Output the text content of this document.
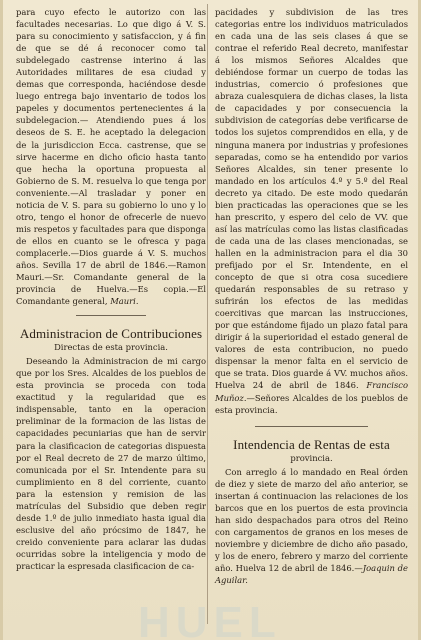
para cuyo efecto le autorizo con las facultades necesarias. Lo que digo á V. S. para su conocimiento y satisfaccion, y á fin de que se dé á reconocer como tal subdelegado castrense interino á las Autoridades militares de esa ciudad y demas que corresponda, haciéndose desde luego entrega bajo inventario de todos los papeles y documentos pertenecientes á la subdelegacion.— Atendiendo pues á los deseos de S. E. he aceptado la delegacion de la jurisdiccion Ecca. castrense, que se sirve hacerme en dicho oficio hasta tanto que hecha la oportuna propuesta al Gobierno de S. M. resuelva lo que tenga por conveniente.—Al trasladar y poner en noticia de V. S. para su gobierno lo uno y lo otro, tengo el honor de ofrecerle de nuevo mis respetos y facultades para que disponga de ellos en cuanto se le ofresca y paga complacerle.—Dios guarde á V. S. muchos años. Sevilla 17 de abril de 1846.—Ramon Mauri.—Sr. Comandante general de la provincia de Huelva.—Es copia.—El Comandante general, Mauri.

Administracion de Contribuciones
Directas de esta provincia.

Deseando la Administracion de mi cargo que por los Sres. Alcaldes de los pueblos de esta provincia se proceda con toda exactitud y la regularidad que es indispensable, tanto en la operacion preliminar de la formacion de las listas de capacidades pecuniarias que han de servir para la clasificacion de categorias dispuesta por el Real decreto de 27 de marzo último, comunicada por el Sr. Intendente para su cumplimiento en 8 del corriente, cuanto para la estension y remision de las matrículas del Subsidio que deben regir desde 1.º de julio inmediato hasta igual dia esclusive del año prócsimo de 1847, he creido conveniente para aclarar las dudas ocurridas sobre la inteligencia y modo de practicar la espresada clasificacion de ca-

pacidades y subdivision de las tres categorias entre los individuos matriculados en cada una de las seis clases á que se contrae el referido Real decreto, manifestar á los mismos Señores Alcaldes que debiéndose formar un cuerpo de todas las industrias, comercio ó profesiones que abraza cualesquiera de dichas clases, la lista de capacidades y por consecuencia la subdivision de categorías debe verificarse de todos los sujetos comprendidos en ella, y de ninguna manera por industrias y profesiones separadas, como se ha entendido por varios Señores Alcaldes, sin tener presente lo mandado en los artículos 4.º y 5.º del Real decreto ya citado. De este modo quedarán bien practicadas las operaciones que se les han prescrito, y espero del celo de VV. que así las matrículas como las listas clasificadas de cada una de las clases mencionadas, se hallen en la administracion para el dia 30 prefijado por el Sr. Intendente, en el concepto de que si otra cosa sucediere quedarán responsables de su retraso y sufrirán los efectos de las medidas coercitivas que marcan las instrucciones, por que estándome fijado un plazo fatal para dirigir á la superioridad el estado general de valores de esta contribucion, no puedo dispensar la menor falta en el servicio de que se trata. Dios guarde á VV. muchos años. Huelva 24 de abril de 1846. Francisco Muñoz.—Señores Alcaldes de los pueblos de esta provincia.

Intendencia de Rentas de esta
provincia.

Con arreglo á lo mandado en Real órden de diez y siete de marzo del año anterior, se insertan á continuacion las relaciones de los barcos que en los puertos de esta provincia han sido despachados para otros del Reino con cargamentos de granos en los meses de noviembre y diciembre de dicho año pasado, y los de enero, febrero y marzo del corriente año. Huelva 12 de abril de 1846.—Joaquin de Aguilar.

HUEL
